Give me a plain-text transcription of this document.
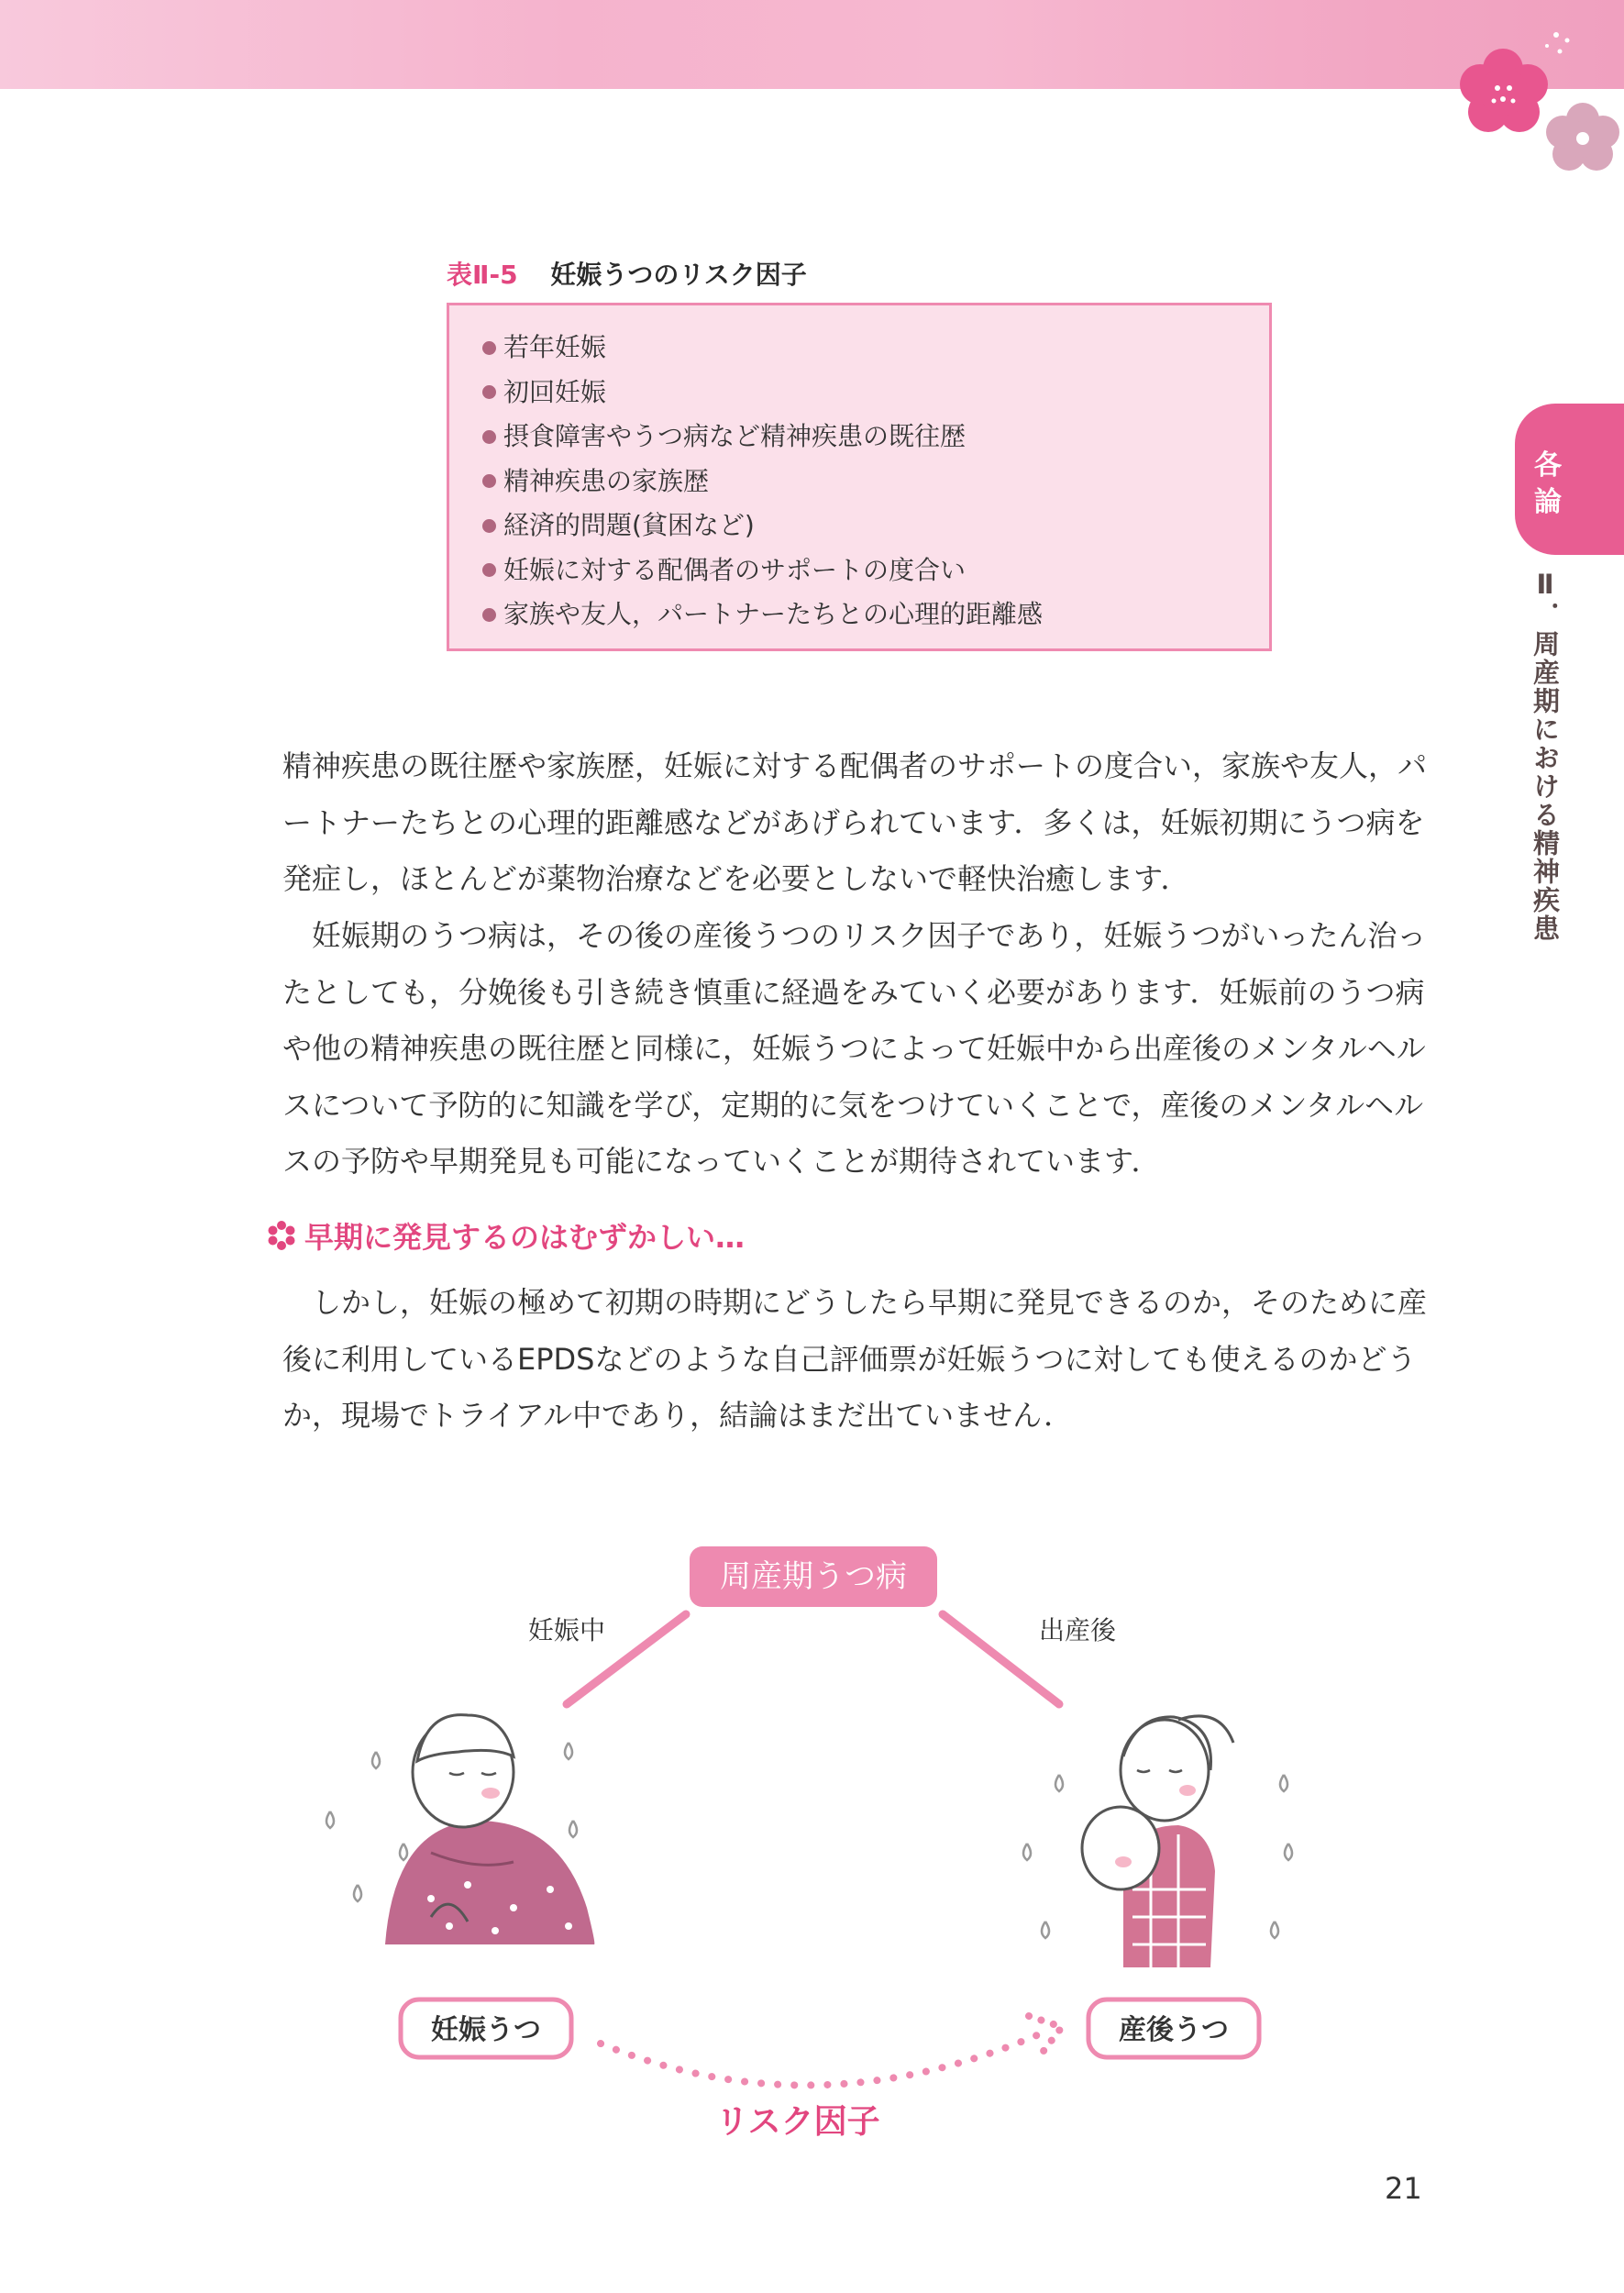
表Ⅱ-5 妊娠うつのリスク因子
若年妊娠
初回妊娠
摂食障害やうつ病など精神疾患の既往歴
精神疾患の家族歴
経済的問題(貧困など)
妊娠に対する配偶者のサポートの度合い
家族や友人，パートナーたちとの心理的距離感
各
論
Ⅱ．周産期における精神疾患
精神疾患の既往歴や家族歴，妊娠に対する配偶者のサポートの度合い，家族や友人，パートナーたちとの心理的距離感などがあげられています．多くは，妊娠初期にうつ病を発症し，ほとんどが薬物治療などを必要としないで軽快治癒します．
妊娠期のうつ病は，その後の産後うつのリスク因子であり，妊娠うつがいったん治ったとしても，分娩後も引き続き慎重に経過をみていく必要があります．妊娠前のうつ病や他の精神疾患の既往歴と同様に，妊娠うつによって妊娠中から出産後のメンタルヘルスについて予防的に知識を学び，定期的に気をつけていくことで，産後のメンタルヘルスの予防や早期発見も可能になっていくことが期待されています．
早期に発見するのはむずかしい…
しかし，妊娠の極めて初期の時期にどうしたら早期に発見できるのか，そのために産後に利用しているEPDSなどのような自己評価票が妊娠うつに対しても使えるのかどうか，現場でトライアル中であり，結論はまだ出ていません．
周産期うつ病
妊娠中	出産後
妊娠うつ	産後うつ
リスク因子
21
